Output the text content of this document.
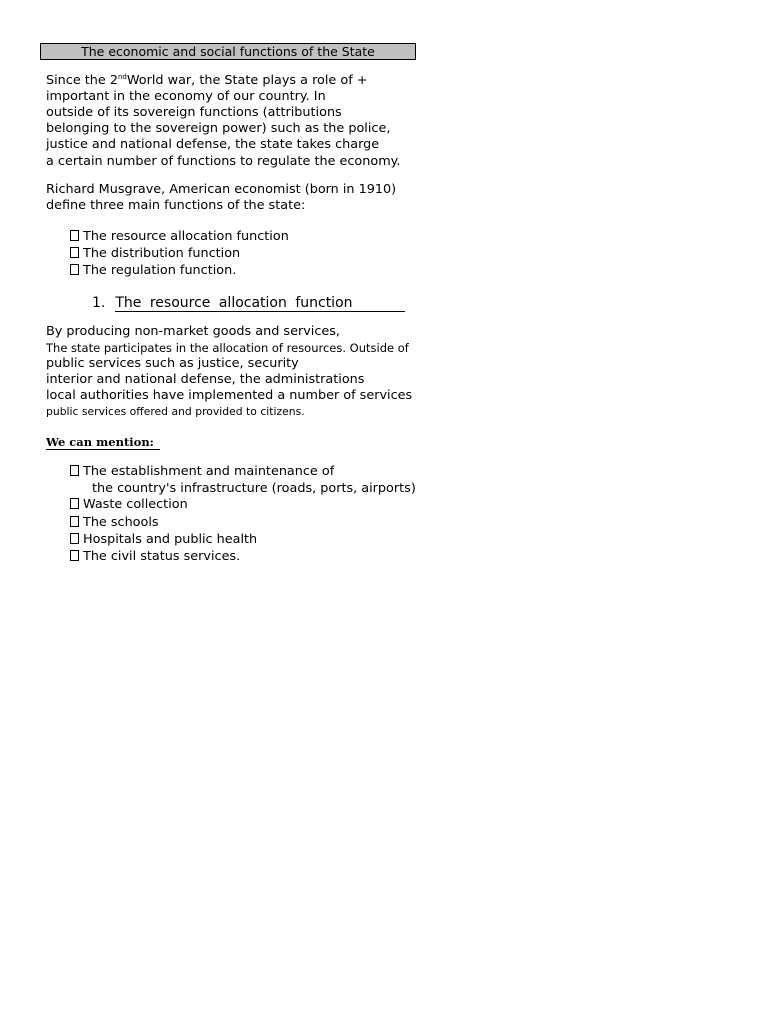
The economic and social functions of the State
Since the 2ndWorld war, the State plays a role of +
important in the economy of our country. In
outside of its sovereign functions (attributions
belonging to the sovereign power) such as the police,
justice and national defense, the state takes charge
a certain number of functions to regulate the economy.
Richard Musgrave, American economist (born in 1910)
define three main functions of the state:
The resource allocation function
The distribution function
The regulation function.
1. The resource allocation function
By producing non-market goods and services,
The state participates in the allocation of resources. Outside of
public services such as justice, security
interior and national defense, the administrations
local authorities have implemented a number of services
public services offered and provided to citizens.
We can mention:
The establishment and maintenance of
the country's infrastructure (roads, ports, airports)
Waste collection
The schools
Hospitals and public health
The civil status services.
